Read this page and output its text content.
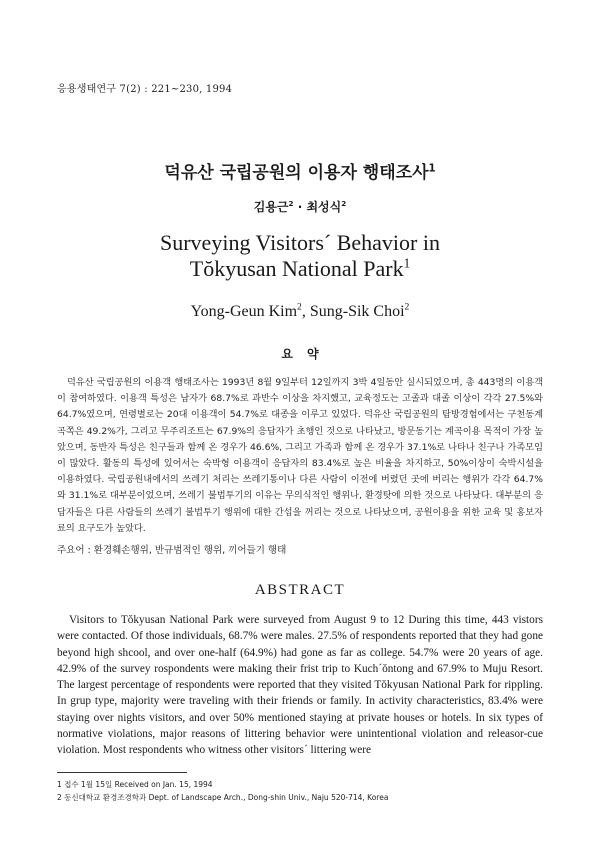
응용생태연구 7(2) : 221~230, 1994
덕유산 국립공원의 이용자 행태조사$^1$
김용근$^2$ · 최성식$^2$
Surveying Visitors´ Behavior in
Tŏkyusan National Park$^1$
Yong-Geun Kim$^2$, Sung-Sik Choi$^2$
요약
덕유산 국립공원의 이용객 행태조사는 1993년 8월 9일부터 12일까지 3박 4일동안 실시되었으며, 총 443명의 이용객이 참여하였다. 이용객 특성은 남자가 68.7%로 과반수 이상을 차지했고, 교육정도는 고졸과 대졸 이상이 각각 27.5%와 64.7%였으며, 연령별로는 20대 이용객이 54.7%로 대종을 이루고 있었다. 덕유산 국립공원의 탐방경험에서는 구천동계곡쪽은 49.2%가, 그리고 무주리조트는 67.9%의 응답자가 초행인 것으로 나타났고, 방문동기는 계곡이용 목적이 가장 높았으며, 동반자 특성은 친구들과 함께 온 경우가 46.6%, 그리고 가족과 함께 온 경우가 37.1%로 나타나 친구나 가족모임이 많았다. 활동의 특성에 있어서는 숙박형 이용객이 응답자의 83.4%로 높은 비율을 차지하고, 50%이상이 숙박시설을 이용하였다. 국립공원내에서의 쓰레기 처리는 쓰레기통이나 다른 사람이 이전에 버렸던 곳에 버리는 행위가 각각 64.7%와 31.1%로 대부분이었으며, 쓰레기 불법투기의 이유는 무의식적인 행위나, 환경탓에 의한 것으로 나타났다. 대부분의 응답자들은 다른 사람들의 쓰레기 불법투기 행위에 대한 간섭을 꺼리는 것으로 나타났으며, 공원이용을 위한 교육 및 홍보자료의 요구도가 높았다.
주요어 : 환경훼손행위, 반규범적인 행위, 끼어들기 행태
ABSTRACT
Visitors to Tŏkyusan National Park were surveyed from August 9 to 12 During this time, 443 vistors were contacted. Of those individuals, 68.7% were males. 27.5% of respondents reported that they had gone beyond high shcool, and over one-half (64.9%) had gone as far as college. 54.7% were 20 years of age. 42.9% of the survey rospondents were making their frist trip to Kuch´ŏntong and 67.9% to Muju Resort. The largest percentage of respondents were reported that they visited Tŏkyusan National Park for rippling. In grup type, majority were traveling with their friends or family. In activity characteristics, 83.4% were staying over nights visitors, and over 50% mentioned staying at private houses or hotels. In six types of normative violations, major reasons of littering behavior were unintentional violation and releasor-cue violation. Most respondents who witness other visitors´ littering were
1 접수 1월 15일 Received on Jan. 15, 1994
2 동신대학교 환경조경학과 Dept. of Landscape Arch., Dong-shin Univ., Naju 520-714, Korea
